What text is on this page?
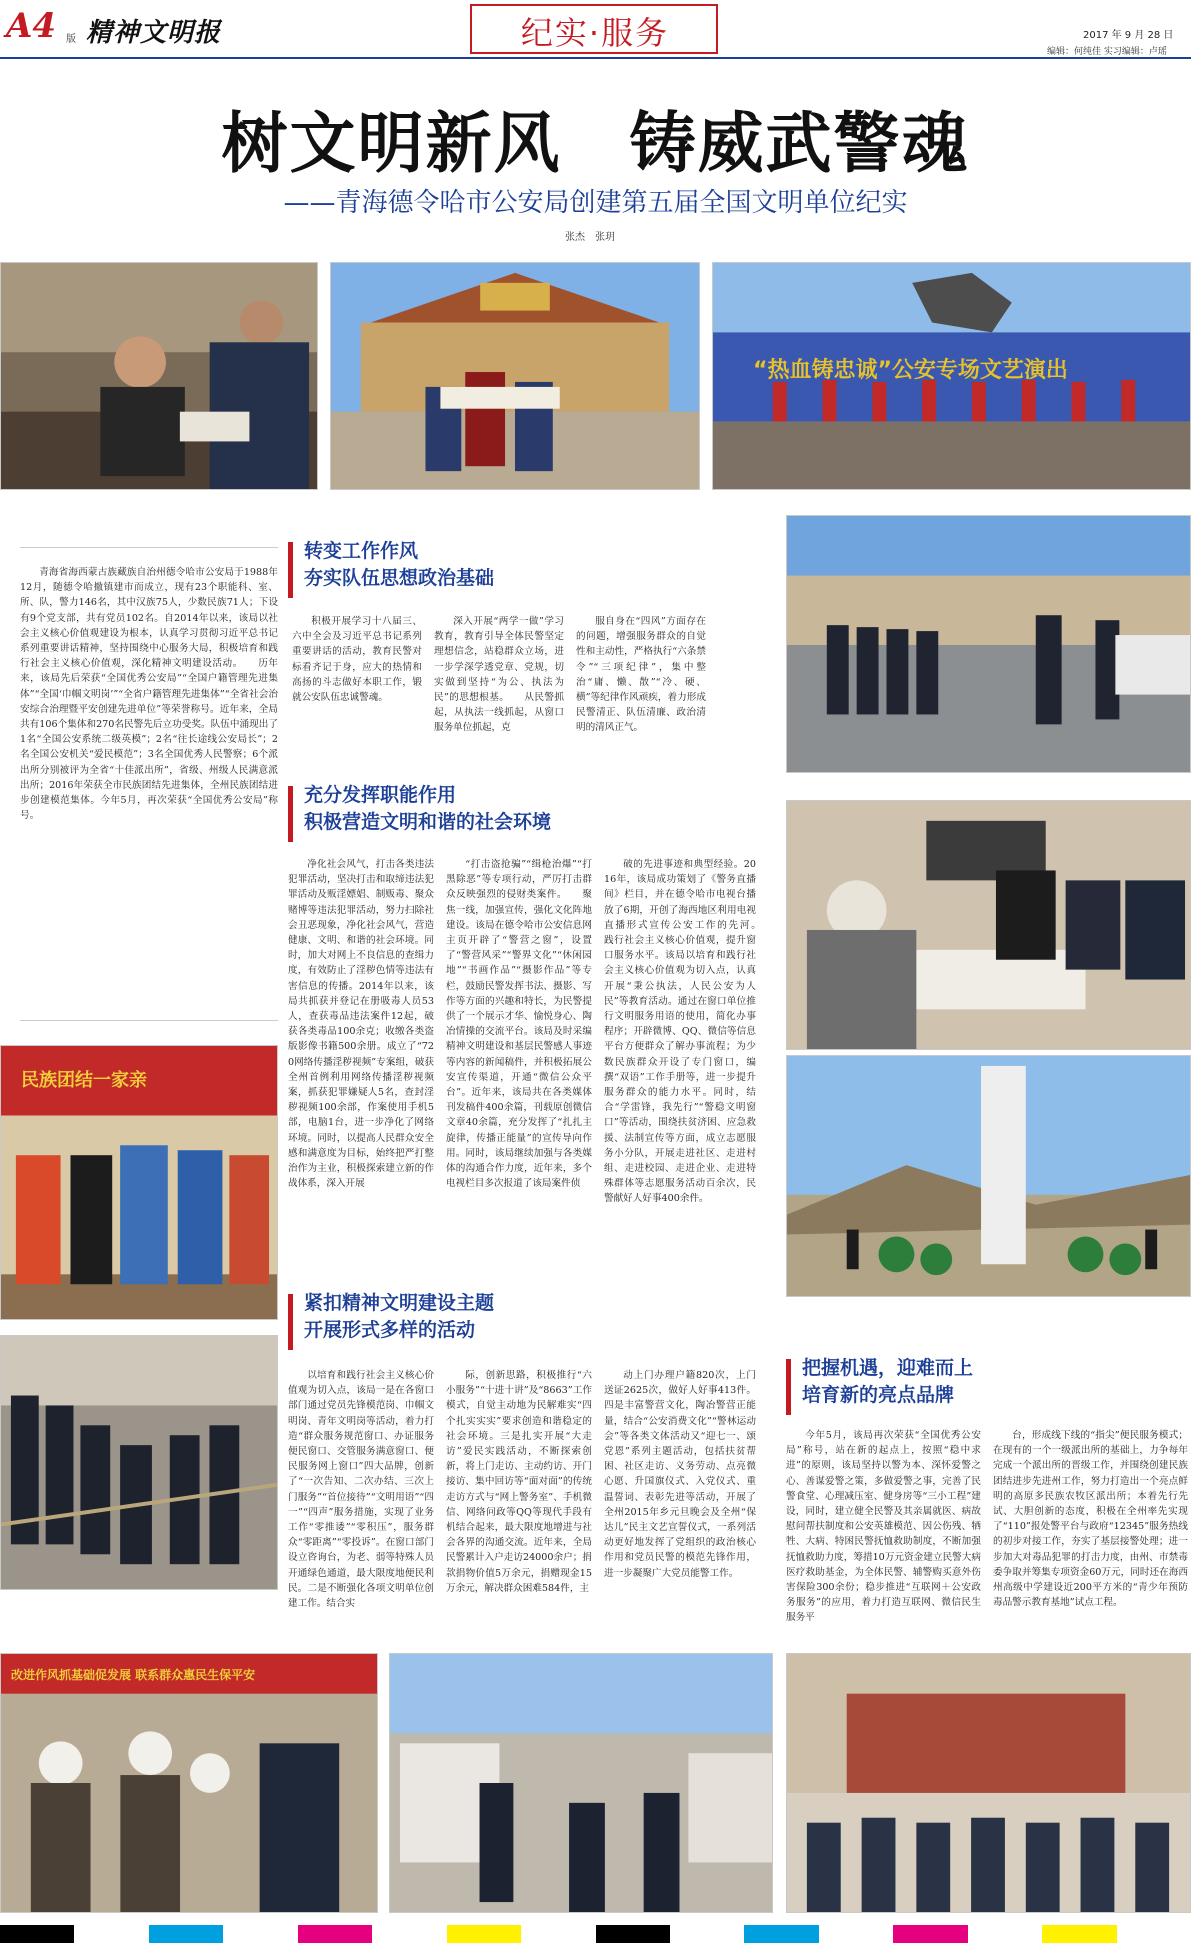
A4 版 精神文明报	纪实·服务	2017 年 9 月 28 日
编辑：何纯佳 实习编辑：卢瑶
树文明新风　铸威武警魂
——青海德令哈市公安局创建第五届全国文明单位纪实
张杰　张玥
“热血铸忠诚”公安专场文艺演出
青海省海西蒙古族藏族自治州德令哈市公安局于1988年12月，随德令哈撤镇建市而成立，现有23个职能科、室、所、队，警力146名，其中汉族75人，少数民族71人；下设有9个党支部，共有党员102名。自2014年以来，该局以社会主义核心价值观建设为根本，认真学习贯彻习近平总书记系列重要讲话精神，坚持围绕中心服务大局，积极培育和践行社会主义核心价值观，深化精神文明建设活动。　　历年来，该局先后荣获“全国优秀公安局”“全国户籍管理先进集体”“全国‘巾帼文明岗’”“全省户籍管理先进集体”“全省社会治安综合治理暨平安创建先进单位”等荣誉称号。近年来，全局共有106个集体和270名民警先后立功受奖。队伍中涌现出了1名“全国公安系统二级英模”；2名“往长途线公安局长”；2名全国公安机关“爱民模范”；3名全国优秀人民警察；6个派出所分别被评为全省“十佳派出所”，省级、州级人民满意派出所；2016年荣获全市民族团结先进集体，全州民族团结进步创建模范集体。今年5月，再次荣获“全国优秀公安局”称号。
转变工作作风
夯实队伍思想政治基础
积极开展学习十八届三、六中全会及习近平总书记系列重要讲话的活动，教育民警对标看齐记于身，应大的热情和高扬的斗志做好本职工作，锻就公安队伍忠诚警魂。
深入开展“两学一做”学习教育，教育引导全体民警坚定理想信念，站稳群众立场，进一步学深学透党章、党规，切实做到坚持“为公、执法为民”的思想根基。　　从民警抓起，从执法一线抓起，从窗口服务单位抓起，克
服自身在“四风”方面存在的问题，增强服务群众的自觉性和主动性，严格执行“六条禁令”“三项纪律”，集中整治“庸、懒、散”“冷、硬、横”等纪律作风顽疾，着力形成民警清正、队伍清廉、政治清明的清风正气。
充分发挥职能作用
积极营造文明和谐的社会环境
净化社会风气，打击各类违法犯罪活动，坚决打击和取缔违法犯罪活动及贩淫嫖娼、制贩毒、聚众赌博等违法犯罪活动，努力扫除社会丑恶现象，净化社会风气，营造健康、文明、和谐的社会环境。同时，加大对网上不良信息的查缉力度，有效防止了淫秽色情等违法有害信息的传播。2014年以来，该局共抓获并登记在册吸毒人员53人，查获毒品违法案件12起，破获各类毒品100余克；收缴各类盗版影像书籍500余册。成立了“720网络传播淫秽视频”专案组，破获全州首例利用网络传播淫秽视频案，抓获犯罪嫌疑人5名，查封淫秽视频100余部，作案使用手机5部，电脑1台，进一步净化了网络环境。同时，以提高人民群众安全感和满意度为目标，始终把严打整治作为主业，积极探索建立新的作战体系，深入开展
“打击盗抢骗”“缉枪治爆”“打黑除恶”等专项行动，严厉打击群众反映强烈的侵财类案件。　　聚焦一线，加强宣传，强化文化阵地建设。该局在德令哈市公安信息网主页开辟了“警营之窗”，设置了“警营风采”“警界文化”“休闲园地”“书画作品”“摄影作品”等专栏，鼓励民警发挥书法、摄影、写作等方面的兴趣和特长，为民警提供了一个展示才华、愉悦身心、陶冶情操的交流平台。该局及时采编精神文明建设和基层民警感人事迹等内容的新闻稿件，并积极拓展公安宣传渠道，开通“微信公众平台”。近年来，该局共在各类媒体刊发稿件400余篇，刊载原创微信文章40余篇，充分发挥了“扎扎主旋律，传播正能量”的宣传导向作用。同时，该局继续加强与各类媒体的沟通合作力度，近年来，多个电视栏目多次报道了该局案件侦
破的先进事迹和典型经验。2016年，该局成功策划了《警务直播间》栏目，并在德令哈市电视台播放了6期，开创了海西地区利用电视直播形式宣传公安工作的先河。　　践行社会主义核心价值观，提升窗口服务水平。该局以培育和践行社会主义核心价值观为切入点，认真开展“秉公执法，人民公安为人民”等教育活动。通过在窗口单位推行文明服务用语的使用，简化办事程序；开辟微博、QQ、微信等信息平台方便群众了解办事流程；为少数民族群众开设了专门窗口，编撰“双语”工作手册等，进一步提升服务群众的能力水平。同时，结合“学雷锋，我先行”“警稳文明窗口”等活动，围绕扶贫济困、应急救援、法制宣传等方面，成立志愿服务小分队，开展走进社区、走进村组、走进校园、走进企业、走进特殊群体等志愿服务活动百余次，民警献好人好事400余件。
民族团结一家亲
紧扣精神文明建设主题
开展形式多样的活动
以培育和践行社会主义核心价值观为切入点，该局一是在各窗口部门通过党员先锋模范岗、巾帼文明岗、青年文明岗等活动，着力打造“群众服务规范窗口、办证服务便民窗口、交管服务满意窗口、便民服务网上窗口”四大品牌，创新了“一次告知、二次办结、三次上门服务”“首位接待”“文明用语”“四一”“四声”服务措施，实现了业务工作“零推诿”“零积压”，服务群众“零距离”“零投诉”。在窗口部门设立咨询台，为老、弱等特殊人员开通绿色通道，最大限度地便民利民。二是不断强化各项文明单位创建工作。结合实
际，创新思路，积极推行“六小服务”“十进十讲”及“8663”工作模式，自觉主动地为民解难实“四个扎实实实”要求创造和谐稳定的社会环境。三是扎实开展“大走访”爱民实践活动，不断探索创新，将上门走访、主动约访、开门接访、集中回访等“面对面”的传统走访方式与“网上警务室”、手机微信、网络问政等QQ等现代手段有机结合起来，最大限度地增进与社会各界的沟通交流。近年来，全局民警累计入户走访24000余户；捐款捐物价值5万余元，捐赠现金15万余元，解决群众困难584件，主
动上门办理户籍820次，上门送证2625次，做好人好事413件。四是丰富警营文化，陶冶警营正能量，结合“公安消费文化”“警林运动会”等各类文体活动又“迎七一、颂党恩”系列主题活动，包括扶贫帮困、社区走访、义务劳动、点亮微心愿、升国旗仪式、入党仪式、重温誓词、表彰先进等活动，开展了全州2015年乡元旦晚会及全州“保达儿”民主文艺宣誓仪式，一系列活动更好地发挥了党组织的政治核心作用和党员民警的模范先锋作用，进一步凝聚广大党员能警工作。
把握机遇，迎难而上
培育新的亮点品牌
今年5月，该局再次荣获“全国优秀公安局”称号，站在新的起点上，按照“稳中求进”的原则，该局坚持以警为本、深怀爱警之心、善谋爱警之策，多做爱警之事，完善了民警食堂、心理减压室、健身房等“三小工程”建设，同时，建立健全民警及其亲属就医、病故慰问帮扶制度和公安英雄模范、因公伤残、牺牲、大病、特困民警抚恤救助制度，不断加强抚恤救助力度，筹措10万元资金建立民警大病医疗救助基金，为全体民警、辅警购买意外伤害保险300余份；稳步推进“互联网＋公安政务服务”的应用，着力打造互联网、微信民生服务平
台，形成线下线的“指尖”便民服务模式；在现有的一个一级派出所的基础上，力争每年完成一个派出所的晋级工作，并围绕创建民族团结进步先进州工作，努力打造出一个亮点鲜明的高原多民族农牧区派出所；本着先行先试、大胆创新的态度，积极在全州率先实现了“110”报处警平台与政府“12345”服务热线的初步对接工作，夯实了基层接警处理；进一步加大对毒品犯罪的打击力度，由州、市禁毒委争取并筹集专项资金60万元，同时还在海西州高级中学建设近200平方米的“青少年预防毒品警示教育基地”试点工程。
改进作风抓基础促发展 联系群众惠民生保平安
